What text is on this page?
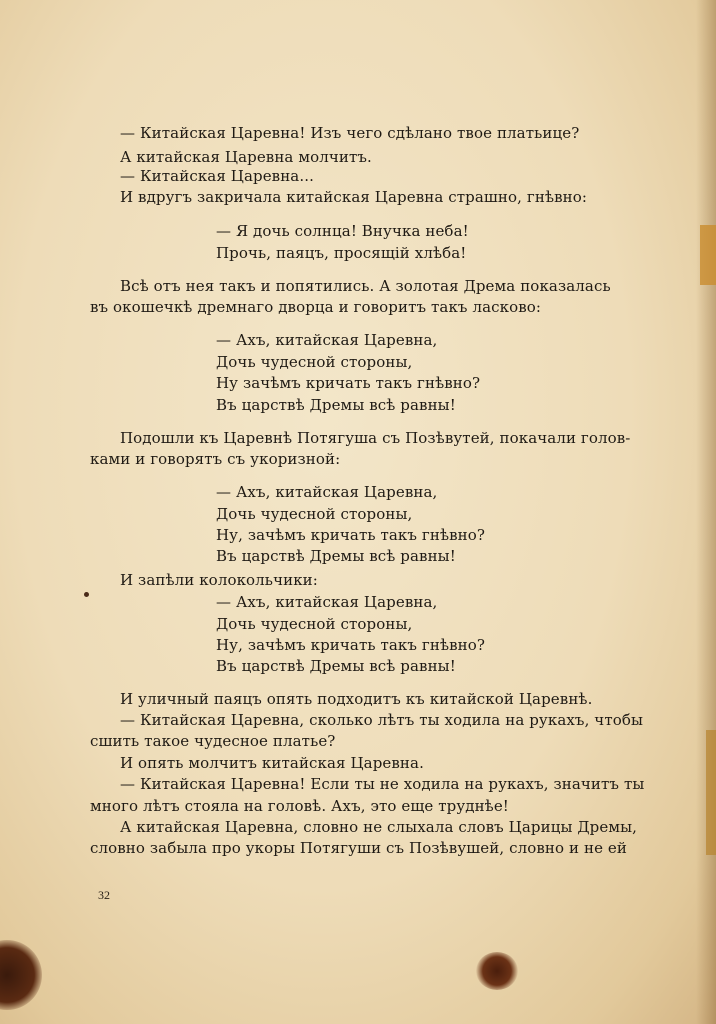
— Китайская Царевна! Изъ чего сдѣлано твое платьице?
А китайская Царевна молчитъ.
— Китайская Царевна...
И вдругъ закричала китайская Царевна страшно, гнѣвно:
— Я дочь солнца! Внучка неба!
Прочь, паяцъ, просящій хлѣба!
Всѣ отъ нея такъ и попятились. А золотая Дрема показалась
въ окошечкѣ дремнаго дворца и говоритъ такъ ласково:
— Ахъ, китайская Царевна,
Дочь чудесной стороны,
Ну зачѣмъ кричать такъ гнѣвно?
Въ царствѣ Дремы всѣ равны!
Подошли къ Царевнѣ Потягуша съ Позѣвутей, покачали голов-
ками и говорятъ съ укоризной:
— Ахъ, китайская Царевна,
Дочь чудесной стороны,
Ну, зачѣмъ кричать такъ гнѣвно?
Въ царствѣ Дремы всѣ равны!
И запѣли колокольчики:
— Ахъ, китайская Царевна,
Дочь чудесной стороны,
Ну, зачѣмъ кричать такъ гнѣвно?
Въ царствѣ Дремы всѣ равны!
И уличный паяцъ опять подходитъ къ китайской Царевнѣ.
— Китайская Царевна, сколько лѣтъ ты ходила на рукахъ, чтобы
сшить такое чудесное платье?
И опять молчитъ китайская Царевна.
— Китайская Царевна! Если ты не ходила на рукахъ, значитъ ты
много лѣтъ стояла на головѣ. Ахъ, это еще труднѣе!
А китайская Царевна, словно не слыхала словъ Царицы Дремы,
словно забыла про укоры Потягуши съ Позѣвушей, словно и не ей
32
